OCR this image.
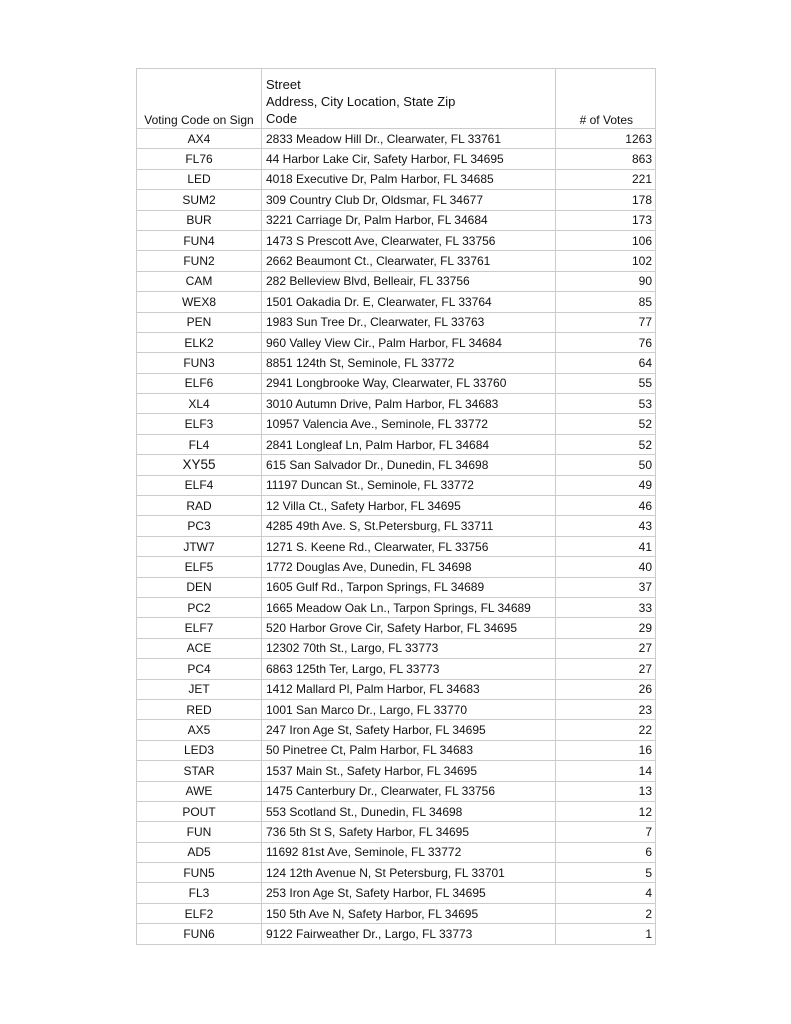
Voting Code on Sign	Street
Address, City Location, State Zip
Code	# of Votes
AX4	2833 Meadow Hill Dr., Clearwater, FL 33761	1263
FL76	44 Harbor Lake Cir, Safety Harbor, FL 34695	863
LED	4018 Executive Dr, Palm Harbor, FL 34685	221
SUM2	309 Country Club Dr, Oldsmar, FL 34677	178
BUR	3221 Carriage Dr, Palm Harbor, FL 34684	173
FUN4	1473 S Prescott Ave, Clearwater, FL 33756	106
FUN2	2662 Beaumont Ct., Clearwater, FL 33761	102
CAM	282 Belleview Blvd, Belleair, FL 33756	90
WEX8	1501 Oakadia Dr. E, Clearwater, FL 33764	85
PEN	1983 Sun Tree Dr., Clearwater, FL 33763	77
ELK2	960 Valley View Cir., Palm Harbor, FL 34684	76
FUN3	8851 124th St, Seminole, FL 33772	64
ELF6	2941 Longbrooke Way, Clearwater, FL 33760	55
XL4	3010 Autumn Drive, Palm Harbor, FL 34683	53
ELF3	10957 Valencia Ave., Seminole, FL 33772	52
FL4	2841 Longleaf Ln, Palm Harbor, FL 34684	52
XY55	615 San Salvador Dr., Dunedin, FL 34698	50
ELF4	11197 Duncan St., Seminole, FL 33772	49
RAD	12 Villa Ct., Safety Harbor, FL 34695	46
PC3	4285 49th Ave. S, St.Petersburg, FL 33711	43
JTW7	1271 S. Keene Rd., Clearwater, FL 33756	41
ELF5	1772 Douglas Ave, Dunedin, FL 34698	40
DEN	1605 Gulf Rd., Tarpon Springs, FL 34689	37
PC2	1665 Meadow Oak Ln., Tarpon Springs, FL 34689	33
ELF7	520 Harbor Grove Cir, Safety Harbor, FL 34695	29
ACE	12302 70th St., Largo, FL 33773	27
PC4	6863 125th Ter, Largo, FL 33773	27
JET	1412 Mallard Pl, Palm Harbor, FL 34683	26
RED	1001 San Marco Dr., Largo, FL 33770	23
AX5	247 Iron Age St, Safety Harbor, FL 34695	22
LED3	50 Pinetree Ct, Palm Harbor, FL 34683	16
STAR	1537 Main St., Safety Harbor, FL 34695	14
AWE	1475 Canterbury Dr., Clearwater, FL 33756	13
POUT	553 Scotland St., Dunedin, FL 34698	12
FUN	736 5th St S, Safety Harbor, FL 34695	7
AD5	11692 81st Ave, Seminole, FL 33772	6
FUN5	124 12th Avenue N, St Petersburg, FL 33701	5
FL3	253 Iron Age St, Safety Harbor, FL 34695	4
ELF2	150 5th Ave N, Safety Harbor, FL 34695	2
FUN6	9122 Fairweather Dr., Largo, FL 33773	1
